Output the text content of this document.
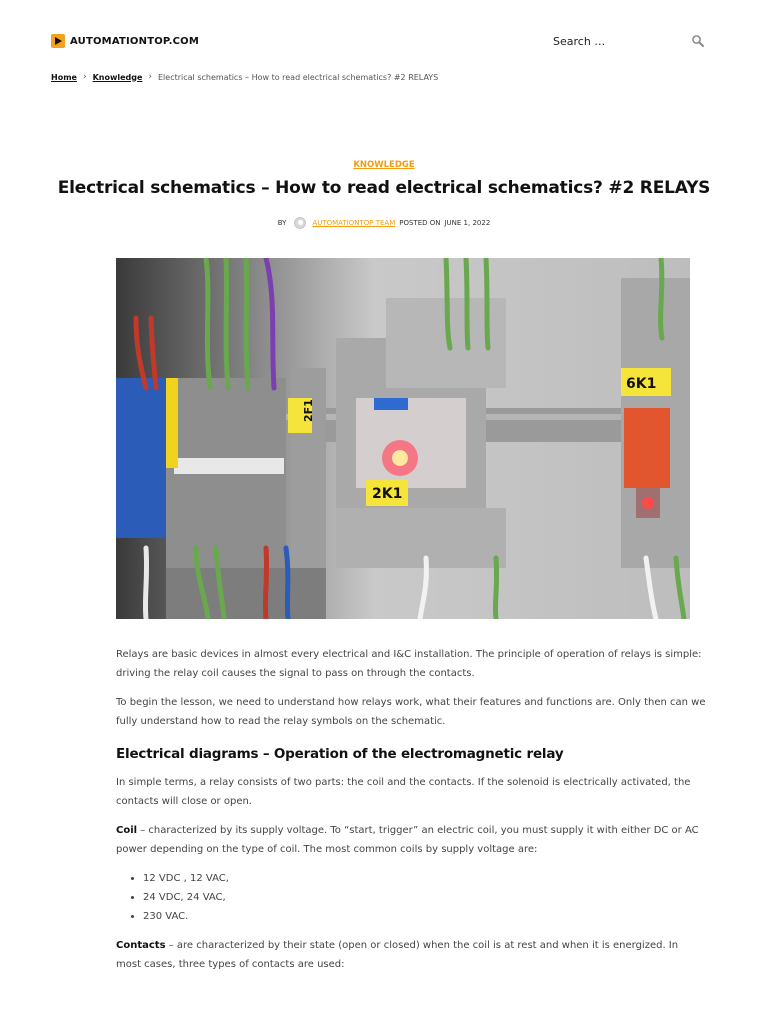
AUTOMATIONTOP.COM
Search …
Home › Knowledge › Electrical schematics – How to read electrical schematics? #2 RELAYS
KNOWLEDGE
Electrical schematics – How to read electrical schematics? #2 RELAYS
BY	AUTOMATIONTOP TEAM POSTED ON JUNE 1, 2022
2F1
2K1
6K1

Relays are basic devices in almost every electrical and I&C installation. The principle of operation of relays is simple: driving the relay coil causes the signal to pass on through the contacts.

To begin the lesson, we need to understand how relays work, what their features and functions are. Only then can we fully understand how to read the relay symbols on the schematic.

Electrical diagrams – Operation of the electromagnetic relay

In simple terms, a relay consists of two parts: the coil and the contacts. If the solenoid is electrically activated, the contacts will close or open.

Coil – characterized by its supply voltage. To “start, trigger” an electric coil, you must supply it with either DC or AC power depending on the type of coil. The most common coils by supply voltage are:

• 12 VDC , 12 VAC,
• 24 VDC, 24 VAC,
• 230 VAC.

Contacts – are characterized by their state (open or closed) when the coil is at rest and when it is energized. In most cases, three types of contacts are used:
